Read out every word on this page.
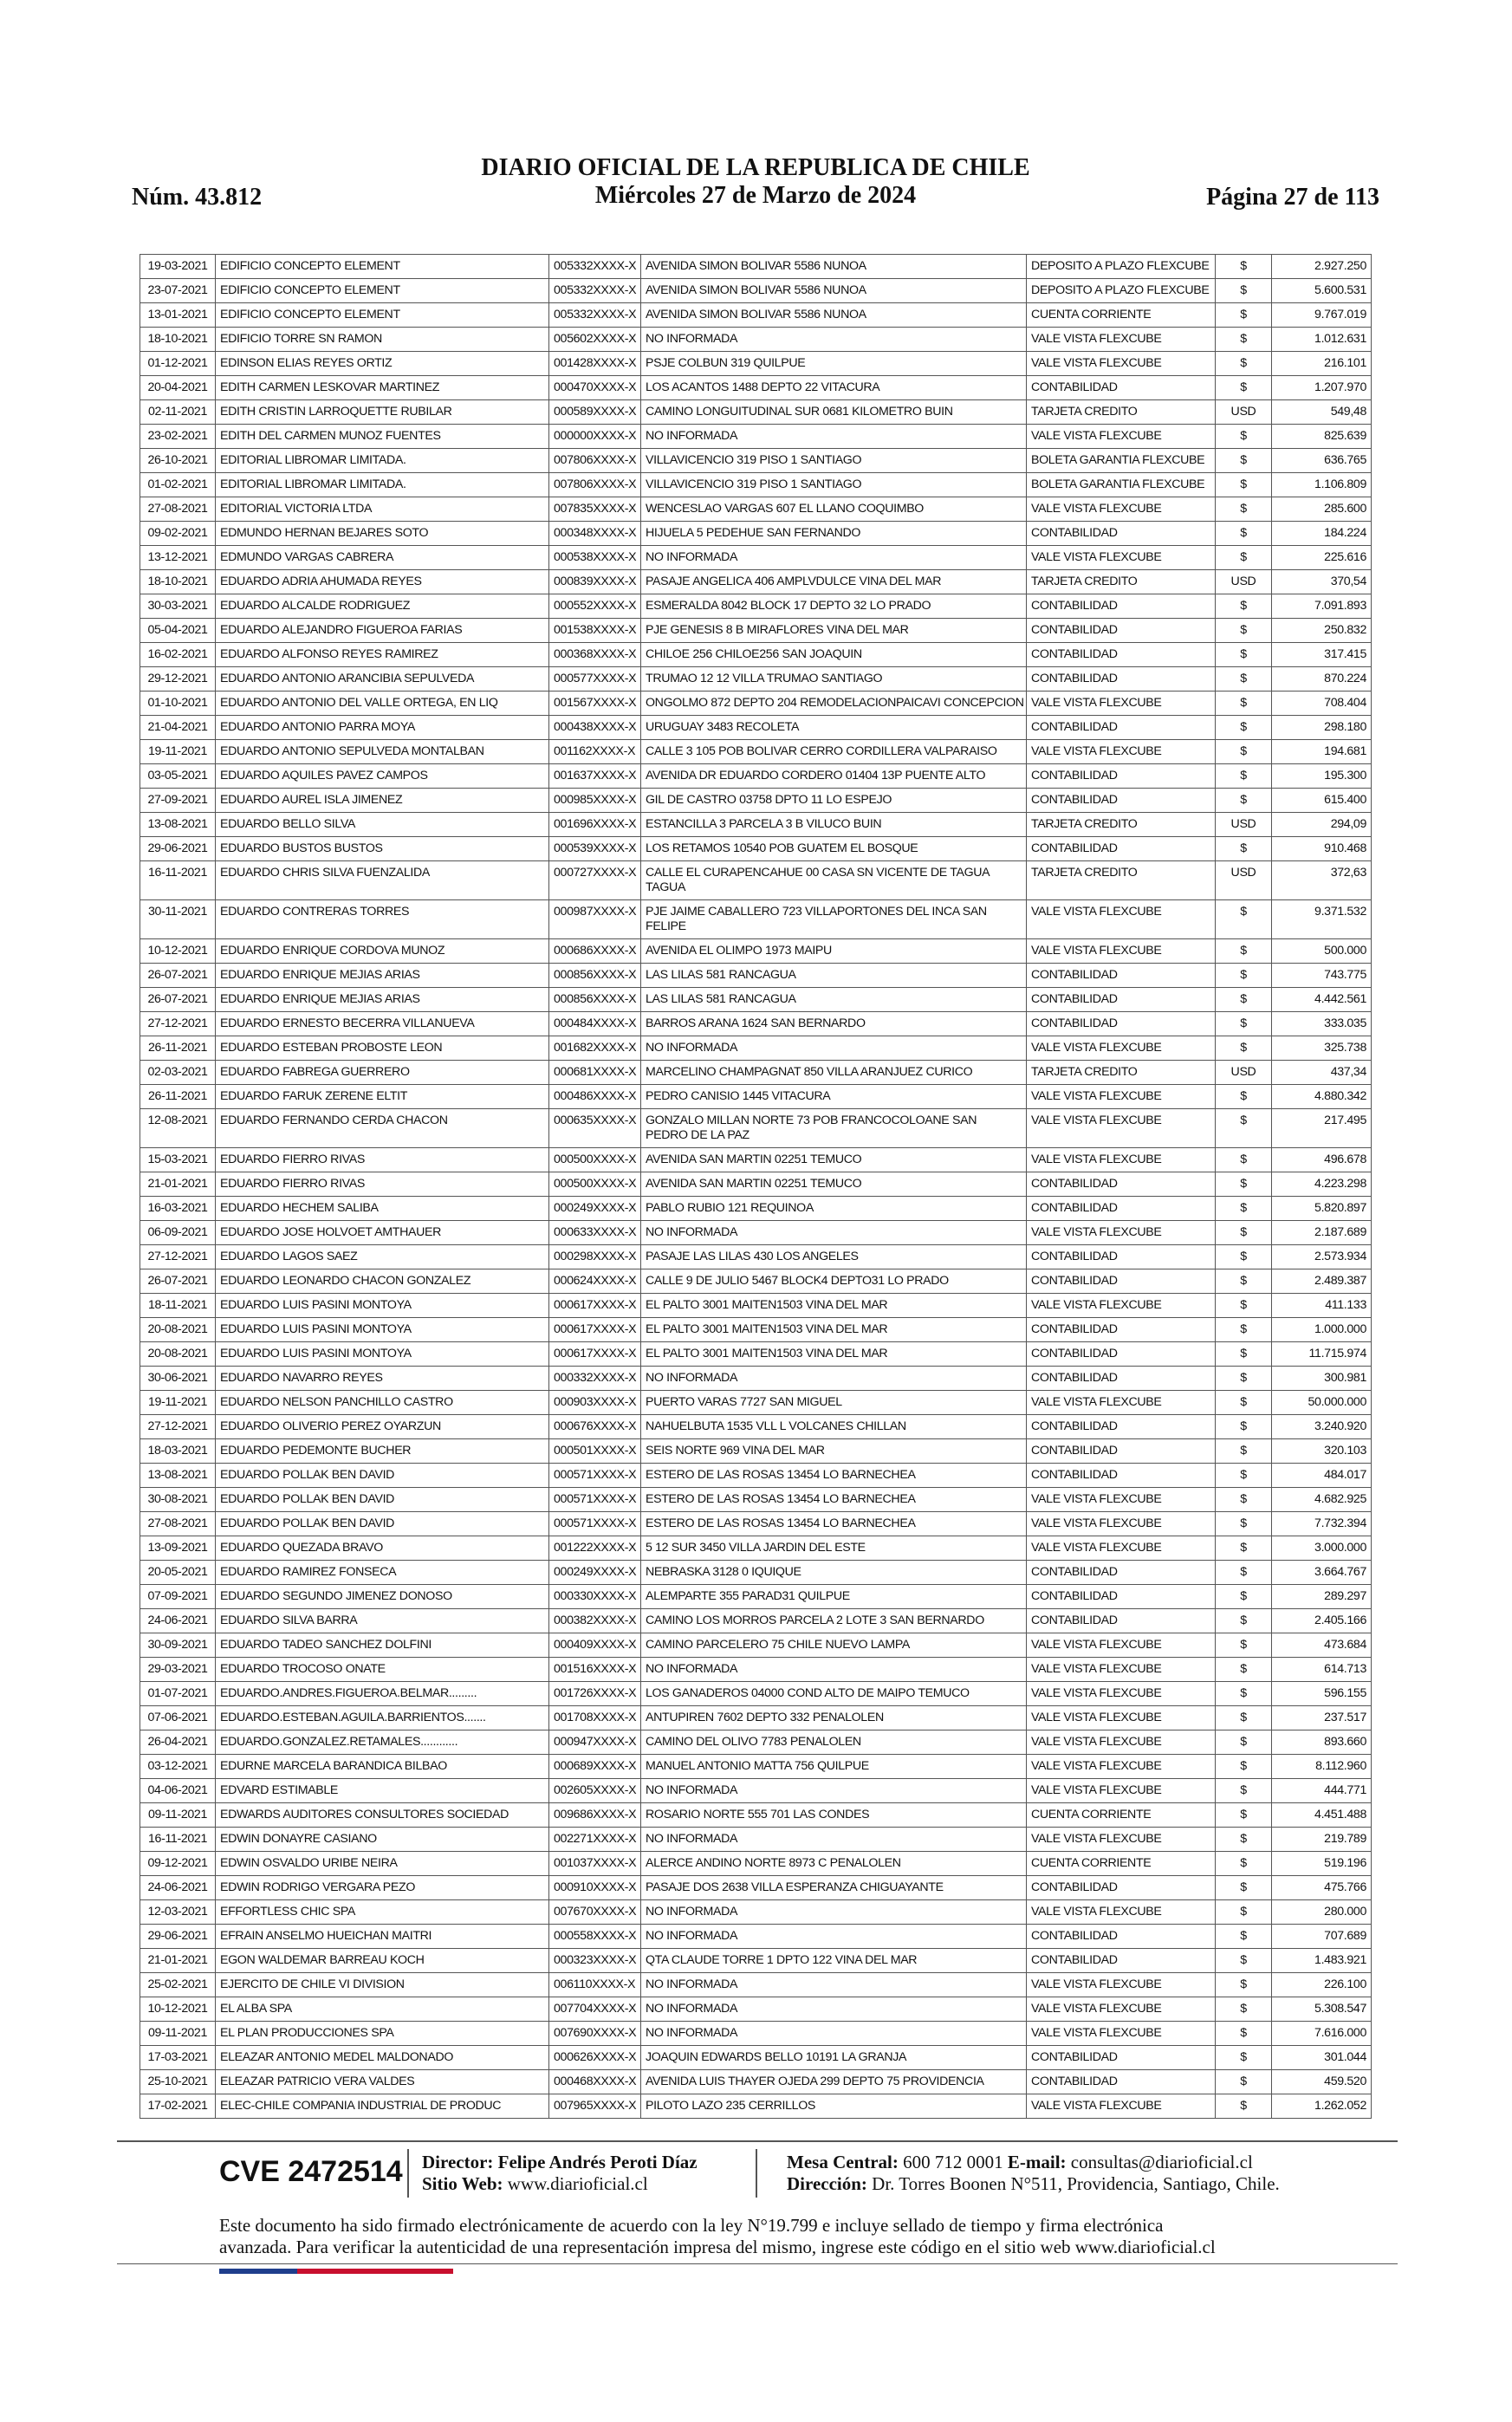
Núm. 43.812
DIARIO OFICIAL DE LA REPUBLICA DE CHILE
Miércoles 27 de Marzo de 2024	Página 27 de 113
19-03-2021	EDIFICIO CONCEPTO ELEMENT	005332XXXX-X	AVENIDA SIMON BOLIVAR 5586 NUNOA	DEPOSITO A PLAZO FLEXCUBE	$	2.927.250
23-07-2021	EDIFICIO CONCEPTO ELEMENT	005332XXXX-X	AVENIDA SIMON BOLIVAR 5586 NUNOA	DEPOSITO A PLAZO FLEXCUBE	$	5.600.531
13-01-2021	EDIFICIO CONCEPTO ELEMENT	005332XXXX-X	AVENIDA SIMON BOLIVAR 5586 NUNOA	CUENTA CORRIENTE	$	9.767.019
18-10-2021	EDIFICIO TORRE SN RAMON	005602XXXX-X	NO INFORMADA	VALE VISTA FLEXCUBE	$	1.012.631
01-12-2021	EDINSON ELIAS REYES ORTIZ	001428XXXX-X	PSJE COLBUN 319 QUILPUE	VALE VISTA FLEXCUBE	$	216.101
20-04-2021	EDITH CARMEN LESKOVAR MARTINEZ	000470XXXX-X	LOS ACANTOS 1488 DEPTO 22 VITACURA	CONTABILIDAD	$	1.207.970
02-11-2021	EDITH CRISTIN LARROQUETTE RUBILAR	000589XXXX-X	CAMINO LONGUITUDINAL SUR 0681 KILOMETRO BUIN	TARJETA CREDITO	USD	549,48
23-02-2021	EDITH DEL CARMEN MUNOZ FUENTES	000000XXXX-X	NO INFORMADA	VALE VISTA FLEXCUBE	$	825.639
26-10-2021	EDITORIAL LIBROMAR LIMITADA.	007806XXXX-X	VILLAVICENCIO 319 PISO 1 SANTIAGO	BOLETA GARANTIA FLEXCUBE	$	636.765
01-02-2021	EDITORIAL LIBROMAR LIMITADA.	007806XXXX-X	VILLAVICENCIO 319 PISO 1 SANTIAGO	BOLETA GARANTIA FLEXCUBE	$	1.106.809
27-08-2021	EDITORIAL VICTORIA LTDA	007835XXXX-X	WENCESLAO VARGAS 607 EL LLANO COQUIMBO	VALE VISTA FLEXCUBE	$	285.600
09-02-2021	EDMUNDO HERNAN BEJARES SOTO	000348XXXX-X	HIJUELA 5 PEDEHUE SAN FERNANDO	CONTABILIDAD	$	184.224
13-12-2021	EDMUNDO VARGAS CABRERA	000538XXXX-X	NO INFORMADA	VALE VISTA FLEXCUBE	$	225.616
18-10-2021	EDUARDO ADRIA AHUMADA REYES	000839XXXX-X	PASAJE ANGELICA 406 AMPLVDULCE VINA DEL MAR	TARJETA CREDITO	USD	370,54
30-03-2021	EDUARDO ALCALDE RODRIGUEZ	000552XXXX-X	ESMERALDA 8042 BLOCK 17 DEPTO 32 LO PRADO	CONTABILIDAD	$	7.091.893
05-04-2021	EDUARDO ALEJANDRO FIGUEROA FARIAS	001538XXXX-X	PJE GENESIS 8 B MIRAFLORES VINA DEL MAR	CONTABILIDAD	$	250.832
16-02-2021	EDUARDO ALFONSO REYES RAMIREZ	000368XXXX-X	CHILOE 256 CHILOE256 SAN JOAQUIN	CONTABILIDAD	$	317.415
29-12-2021	EDUARDO ANTONIO ARANCIBIA SEPULVEDA	000577XXXX-X	TRUMAO 12 12 VILLA TRUMAO SANTIAGO	CONTABILIDAD	$	870.224
01-10-2021	EDUARDO ANTONIO DEL VALLE ORTEGA, EN LIQ	001567XXXX-X	ONGOLMO 872 DEPTO 204 REMODELACIONPAICAVI CONCEPCION	VALE VISTA FLEXCUBE	$	708.404
21-04-2021	EDUARDO ANTONIO PARRA MOYA	000438XXXX-X	URUGUAY 3483 RECOLETA	CONTABILIDAD	$	298.180
19-11-2021	EDUARDO ANTONIO SEPULVEDA MONTALBAN	001162XXXX-X	CALLE 3 105 POB BOLIVAR CERRO CORDILLERA VALPARAISO	VALE VISTA FLEXCUBE	$	194.681
03-05-2021	EDUARDO AQUILES PAVEZ CAMPOS	001637XXXX-X	AVENIDA DR EDUARDO CORDERO 01404 13P PUENTE ALTO	CONTABILIDAD	$	195.300
27-09-2021	EDUARDO AUREL ISLA JIMENEZ	000985XXXX-X	GIL DE CASTRO 03758 DPTO 11 LO ESPEJO	CONTABILIDAD	$	615.400
13-08-2021	EDUARDO BELLO SILVA	001696XXXX-X	ESTANCILLA 3 PARCELA 3 B VILUCO BUIN	TARJETA CREDITO	USD	294,09
29-06-2021	EDUARDO BUSTOS BUSTOS	000539XXXX-X	LOS RETAMOS 10540 POB GUATEM EL BOSQUE	CONTABILIDAD	$	910.468
16-11-2021	EDUARDO CHRIS SILVA FUENZALIDA	000727XXXX-X	CALLE EL CURAPENCAHUE 00 CASA SN VICENTE DE TAGUA TAGUA	TARJETA CREDITO	USD	372,63
30-11-2021	EDUARDO CONTRERAS TORRES	000987XXXX-X	PJE JAIME CABALLERO 723 VILLAPORTONES DEL INCA SAN FELIPE	VALE VISTA FLEXCUBE	$	9.371.532
10-12-2021	EDUARDO ENRIQUE CORDOVA MUNOZ	000686XXXX-X	AVENIDA EL OLIMPO 1973 MAIPU	VALE VISTA FLEXCUBE	$	500.000
26-07-2021	EDUARDO ENRIQUE MEJIAS ARIAS	000856XXXX-X	LAS LILAS 581 RANCAGUA	CONTABILIDAD	$	743.775
26-07-2021	EDUARDO ENRIQUE MEJIAS ARIAS	000856XXXX-X	LAS LILAS 581 RANCAGUA	CONTABILIDAD	$	4.442.561
27-12-2021	EDUARDO ERNESTO BECERRA VILLANUEVA	000484XXXX-X	BARROS ARANA 1624 SAN BERNARDO	CONTABILIDAD	$	333.035
26-11-2021	EDUARDO ESTEBAN PROBOSTE LEON	001682XXXX-X	NO INFORMADA	VALE VISTA FLEXCUBE	$	325.738
02-03-2021	EDUARDO FABREGA GUERRERO	000681XXXX-X	MARCELINO CHAMPAGNAT 850 VILLA ARANJUEZ CURICO	TARJETA CREDITO	USD	437,34
26-11-2021	EDUARDO FARUK ZERENE ELTIT	000486XXXX-X	PEDRO CANISIO 1445 VITACURA	VALE VISTA FLEXCUBE	$	4.880.342
12-08-2021	EDUARDO FERNANDO CERDA CHACON	000635XXXX-X	GONZALO MILLAN NORTE 73 POB FRANCOCOLOANE SAN PEDRO DE LA PAZ	VALE VISTA FLEXCUBE	$	217.495
15-03-2021	EDUARDO FIERRO RIVAS	000500XXXX-X	AVENIDA SAN MARTIN 02251 TEMUCO	VALE VISTA FLEXCUBE	$	496.678
21-01-2021	EDUARDO FIERRO RIVAS	000500XXXX-X	AVENIDA SAN MARTIN 02251 TEMUCO	CONTABILIDAD	$	4.223.298
16-03-2021	EDUARDO HECHEM SALIBA	000249XXXX-X	PABLO RUBIO 121 REQUINOA	CONTABILIDAD	$	5.820.897
06-09-2021	EDUARDO JOSE HOLVOET AMTHAUER	000633XXXX-X	NO INFORMADA	VALE VISTA FLEXCUBE	$	2.187.689
27-12-2021	EDUARDO LAGOS SAEZ	000298XXXX-X	PASAJE LAS LILAS 430 LOS ANGELES	CONTABILIDAD	$	2.573.934
26-07-2021	EDUARDO LEONARDO CHACON GONZALEZ	000624XXXX-X	CALLE 9 DE JULIO 5467 BLOCK4 DEPTO31 LO PRADO	CONTABILIDAD	$	2.489.387
18-11-2021	EDUARDO LUIS PASINI MONTOYA	000617XXXX-X	EL PALTO 3001 MAITEN1503 VINA DEL MAR	VALE VISTA FLEXCUBE	$	411.133
20-08-2021	EDUARDO LUIS PASINI MONTOYA	000617XXXX-X	EL PALTO 3001 MAITEN1503 VINA DEL MAR	CONTABILIDAD	$	1.000.000
20-08-2021	EDUARDO LUIS PASINI MONTOYA	000617XXXX-X	EL PALTO 3001 MAITEN1503 VINA DEL MAR	CONTABILIDAD	$	11.715.974
30-06-2021	EDUARDO NAVARRO REYES	000332XXXX-X	NO INFORMADA	CONTABILIDAD	$	300.981
19-11-2021	EDUARDO NELSON PANCHILLO CASTRO	000903XXXX-X	PUERTO VARAS 7727 SAN MIGUEL	VALE VISTA FLEXCUBE	$	50.000.000
27-12-2021	EDUARDO OLIVERIO PEREZ OYARZUN	000676XXXX-X	NAHUELBUTA 1535 VLL L VOLCANES CHILLAN	CONTABILIDAD	$	3.240.920
18-03-2021	EDUARDO PEDEMONTE BUCHER	000501XXXX-X	SEIS NORTE 969 VINA DEL MAR	CONTABILIDAD	$	320.103
13-08-2021	EDUARDO POLLAK BEN DAVID	000571XXXX-X	ESTERO DE LAS ROSAS 13454 LO BARNECHEA	CONTABILIDAD	$	484.017
30-08-2021	EDUARDO POLLAK BEN DAVID	000571XXXX-X	ESTERO DE LAS ROSAS 13454 LO BARNECHEA	VALE VISTA FLEXCUBE	$	4.682.925
27-08-2021	EDUARDO POLLAK BEN DAVID	000571XXXX-X	ESTERO DE LAS ROSAS 13454 LO BARNECHEA	VALE VISTA FLEXCUBE	$	7.732.394
13-09-2021	EDUARDO QUEZADA BRAVO	001222XXXX-X	5 12 SUR 3450 VILLA JARDIN DEL ESTE	VALE VISTA FLEXCUBE	$	3.000.000
20-05-2021	EDUARDO RAMIREZ FONSECA	000249XXXX-X	NEBRASKA 3128 0 IQUIQUE	CONTABILIDAD	$	3.664.767
07-09-2021	EDUARDO SEGUNDO JIMENEZ DONOSO	000330XXXX-X	ALEMPARTE 355 PARAD31 QUILPUE	CONTABILIDAD	$	289.297
24-06-2021	EDUARDO SILVA BARRA	000382XXXX-X	CAMINO LOS MORROS PARCELA 2 LOTE 3 SAN BERNARDO	CONTABILIDAD	$	2.405.166
30-09-2021	EDUARDO TADEO SANCHEZ DOLFINI	000409XXXX-X	CAMINO PARCELERO 75 CHILE NUEVO LAMPA	VALE VISTA FLEXCUBE	$	473.684
29-03-2021	EDUARDO TROCOSO ONATE	001516XXXX-X	NO INFORMADA	VALE VISTA FLEXCUBE	$	614.713
01-07-2021	EDUARDO.ANDRES.FIGUEROA.BELMAR.........	001726XXXX-X	LOS GANADEROS 04000 COND ALTO DE MAIPO TEMUCO	VALE VISTA FLEXCUBE	$	596.155
07-06-2021	EDUARDO.ESTEBAN.AGUILA.BARRIENTOS.......	001708XXXX-X	ANTUPIREN 7602 DEPTO 332 PENALOLEN	VALE VISTA FLEXCUBE	$	237.517
26-04-2021	EDUARDO.GONZALEZ.RETAMALES............	000947XXXX-X	CAMINO DEL OLIVO 7783 PENALOLEN	VALE VISTA FLEXCUBE	$	893.660
03-12-2021	EDURNE MARCELA BARANDICA BILBAO	000689XXXX-X	MANUEL ANTONIO MATTA 756 QUILPUE	VALE VISTA FLEXCUBE	$	8.112.960
04-06-2021	EDVARD ESTIMABLE	002605XXXX-X	NO INFORMADA	VALE VISTA FLEXCUBE	$	444.771
09-11-2021	EDWARDS AUDITORES CONSULTORES SOCIEDAD	009686XXXX-X	ROSARIO NORTE 555 701 LAS CONDES	CUENTA CORRIENTE	$	4.451.488
16-11-2021	EDWIN DONAYRE CASIANO	002271XXXX-X	NO INFORMADA	VALE VISTA FLEXCUBE	$	219.789
09-12-2021	EDWIN OSVALDO URIBE NEIRA	001037XXXX-X	ALERCE ANDINO NORTE 8973 C PENALOLEN	CUENTA CORRIENTE	$	519.196
24-06-2021	EDWIN RODRIGO VERGARA PEZO	000910XXXX-X	PASAJE DOS 2638 VILLA ESPERANZA CHIGUAYANTE	CONTABILIDAD	$	475.766
12-03-2021	EFFORTLESS CHIC SPA	007670XXXX-X	NO INFORMADA	VALE VISTA FLEXCUBE	$	280.000
29-06-2021	EFRAIN ANSELMO HUEICHAN MAITRI	000558XXXX-X	NO INFORMADA	CONTABILIDAD	$	707.689
21-01-2021	EGON WALDEMAR BARREAU KOCH	000323XXXX-X	QTA CLAUDE TORRE 1 DPTO 122 VINA DEL MAR	CONTABILIDAD	$	1.483.921
25-02-2021	EJERCITO DE CHILE VI DIVISION	006110XXXX-X	NO INFORMADA	VALE VISTA FLEXCUBE	$	226.100
10-12-2021	EL ALBA SPA	007704XXXX-X	NO INFORMADA	VALE VISTA FLEXCUBE	$	5.308.547
09-11-2021	EL PLAN PRODUCCIONES SPA	007690XXXX-X	NO INFORMADA	VALE VISTA FLEXCUBE	$	7.616.000
17-03-2021	ELEAZAR ANTONIO MEDEL MALDONADO	000626XXXX-X	JOAQUIN EDWARDS BELLO 10191 LA GRANJA	CONTABILIDAD	$	301.044
25-10-2021	ELEAZAR PATRICIO VERA VALDES	000468XXXX-X	AVENIDA LUIS THAYER OJEDA 299 DEPTO 75 PROVIDENCIA	CONTABILIDAD	$	459.520
17-02-2021	ELEC-CHILE COMPANIA INDUSTRIAL DE PRODUC	007965XXXX-X	PILOTO LAZO 235 CERRILLOS	VALE VISTA FLEXCUBE	$	1.262.052
CVE 2472514 Director: Felipe Andrés Peroti Díaz
Sitio Web: www.diarioficial.cl
Mesa Central: 600 712 0001 E-mail: consultas@diarioficial.cl
Dirección: Dr. Torres Boonen N°511, Providencia, Santiago, Chile.
Este documento ha sido firmado electrónicamente de acuerdo con la ley N°19.799 e incluye sellado de tiempo y firma electrónica
avanzada. Para verificar la autenticidad de una representación impresa del mismo, ingrese este código en el sitio web www.diarioficial.cl
